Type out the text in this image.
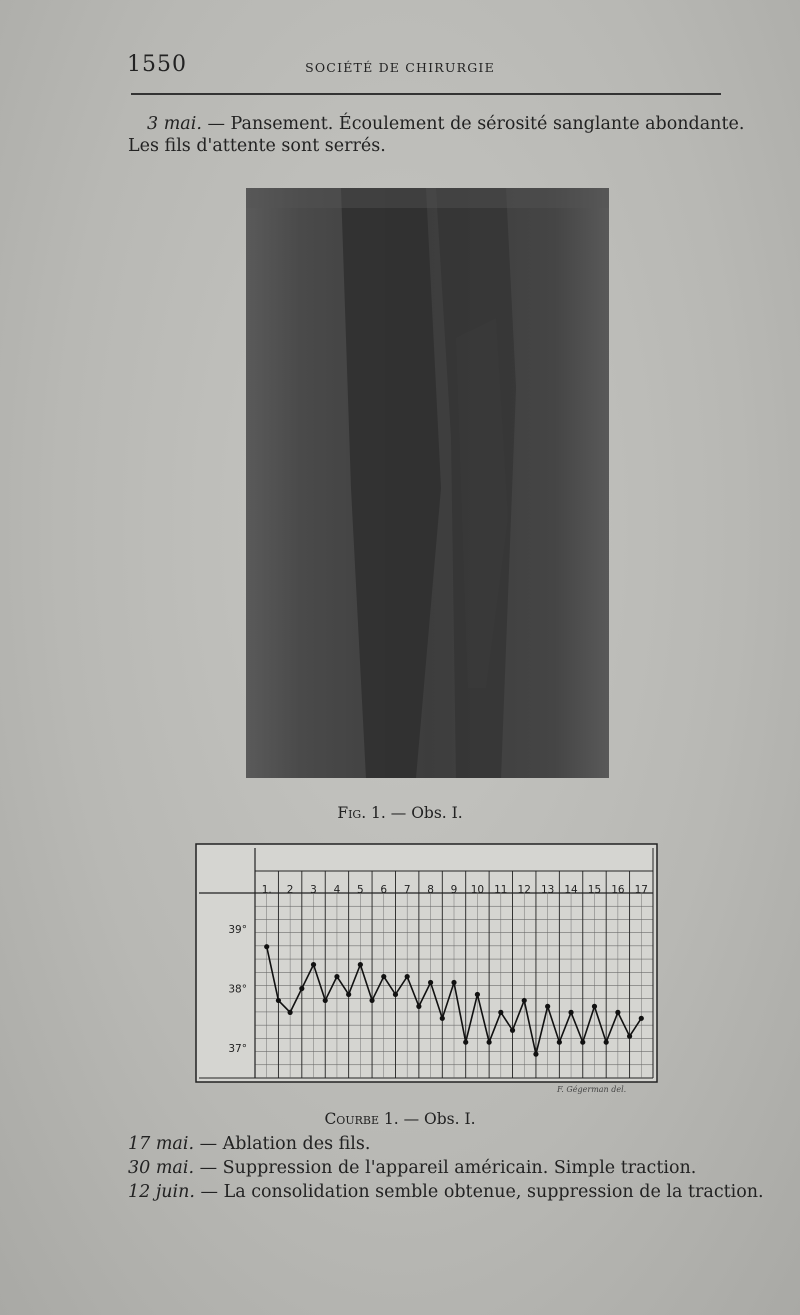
1550	SOCIÉTÉ DE CHIRURGIE
3 mai. — Pansement. Écoulement de sérosité sanglante abondante.
Les fils d'attente sont serrés.
Fig. 1. — Obs. I.
1. 2 3 4 5 6 7 8 9 10 11 12 13 14 15 16 17
39°
38°
37°
F. Gégerman del.
Courbe 1. — Obs. I.
17 mai. — Ablation des fils.
30 mai. — Suppression de l'appareil américain. Simple traction.
12 juin. — La consolidation semble obtenue, suppression de la traction.
